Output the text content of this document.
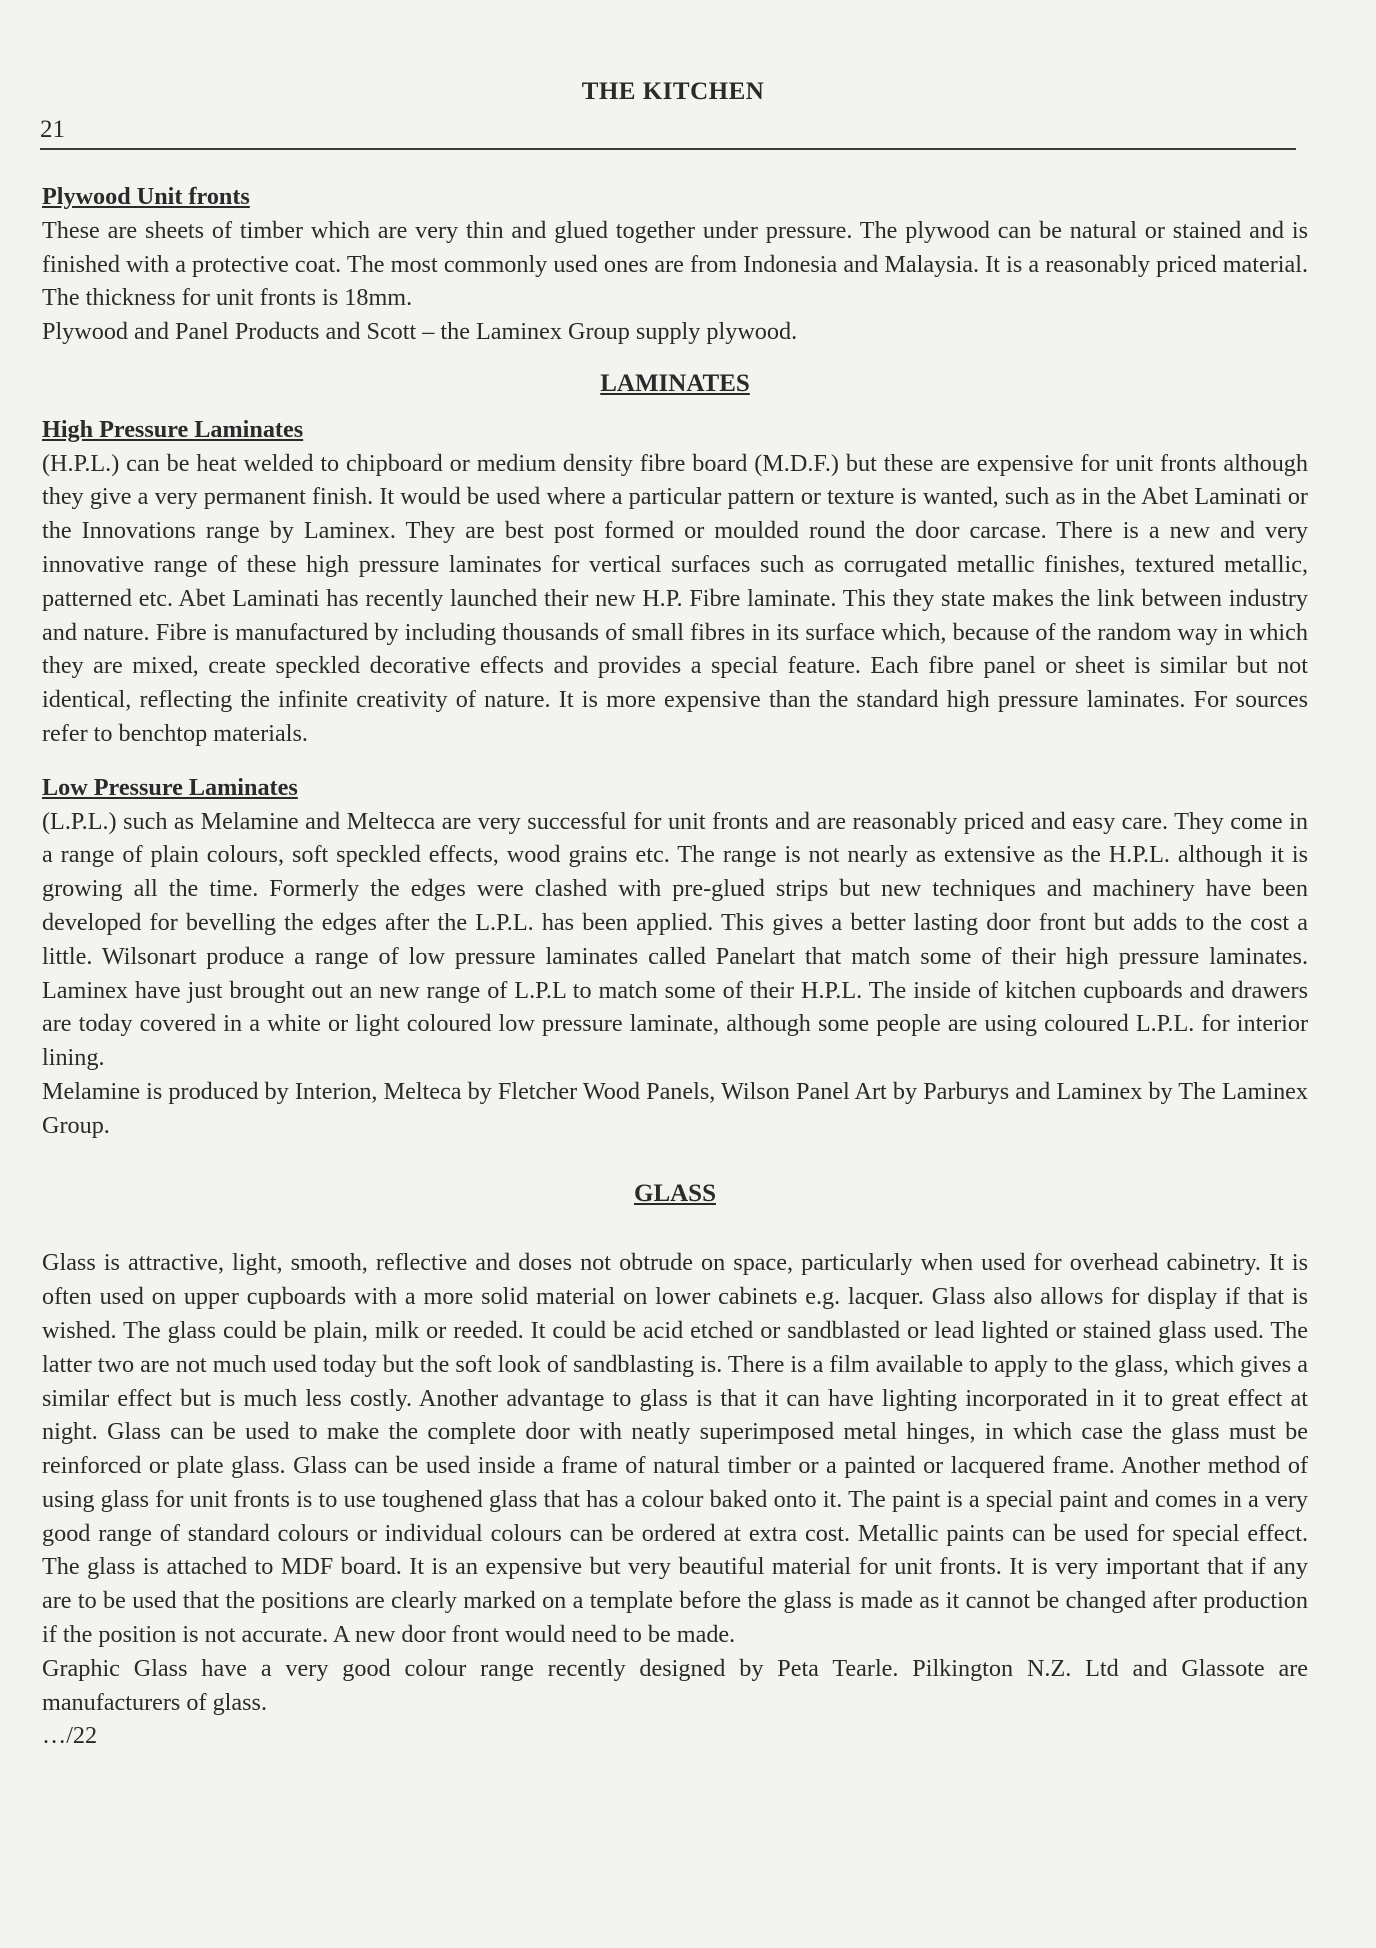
THE KITCHEN
21
Plywood Unit fronts

These are sheets of timber which are very thin and glued together under pressure. The plywood can be natural or stained and is finished with a protective coat. The most commonly used ones are from Indonesia and Malaysia. It is a reasonably priced material. The thickness for unit fronts is 18mm.

Plywood and Panel Products and Scott – the Laminex Group supply plywood.

LAMINATES
High Pressure Laminates

(H.P.L.) can be heat welded to chipboard or medium density fibre board (M.D.F.) but these are expensive for unit fronts although they give a very permanent finish. It would be used where a particular pattern or texture is wanted, such as in the Abet Laminati or the Innovations range by Laminex. They are best post formed or moulded round the door carcase. There is a new and very innovative range of these high pressure laminates for vertical surfaces such as corrugated metallic finishes, textured metallic, patterned etc. Abet Laminati has recently launched their new H.P. Fibre laminate. This they state makes the link between industry and nature. Fibre is manufactured by including thousands of small fibres in its surface which, because of the random way in which they are mixed, create speckled decorative effects and provides a special feature. Each fibre panel or sheet is similar but not identical, reflecting the infinite creativity of nature. It is more expensive than the standard high pressure laminates. For sources refer to benchtop materials.

Low Pressure Laminates

(L.P.L.) such as Melamine and Meltecca are very successful for unit fronts and are reasonably priced and easy care. They come in a range of plain colours, soft speckled effects, wood grains etc. The range is not nearly as extensive as the H.P.L. although it is growing all the time. Formerly the edges were clashed with pre-glued strips but new techniques and machinery have been developed for bevelling the edges after the L.P.L. has been applied. This gives a better lasting door front but adds to the cost a little. Wilsonart produce a range of low pressure laminates called Panelart that match some of their high pressure laminates. Laminex have just brought out an new range of L.P.L to match some of their H.P.L. The inside of kitchen cupboards and drawers are today covered in a white or light coloured low pressure laminate, although some people are using coloured L.P.L. for interior lining.

Melamine is produced by Interion, Melteca by Fletcher Wood Panels, Wilson Panel Art by Parburys and Laminex by The Laminex Group.

GLASS

Glass is attractive, light, smooth, reflective and doses not obtrude on space, particularly when used for overhead cabinetry. It is often used on upper cupboards with a more solid material on lower cabinets e.g. lacquer. Glass also allows for display if that is wished. The glass could be plain, milk or reeded. It could be acid etched or sandblasted or lead lighted or stained glass used. The latter two are not much used today but the soft look of sandblasting is. There is a film available to apply to the glass, which gives a similar effect but is much less costly. Another advantage to glass is that it can have lighting incorporated in it to great effect at night. Glass can be used to make the complete door with neatly superimposed metal hinges, in which case the glass must be reinforced or plate glass. Glass can be used inside a frame of natural timber or a painted or lacquered frame. Another method of using glass for unit fronts is to use toughened glass that has a colour baked onto it. The paint is a special paint and comes in a very good range of standard colours or individual colours can be ordered at extra cost. Metallic paints can be used for special effect. The glass is attached to MDF board. It is an expensive but very beautiful material for unit fronts. It is very important that if any are to be used that the positions are clearly marked on a template before the glass is made as it cannot be changed after production if the position is not accurate. A new door front would need to be made.

Graphic Glass have a very good colour range recently designed by Peta Tearle. Pilkington N.Z. Ltd and Glassote are manufacturers of glass.

…/22
